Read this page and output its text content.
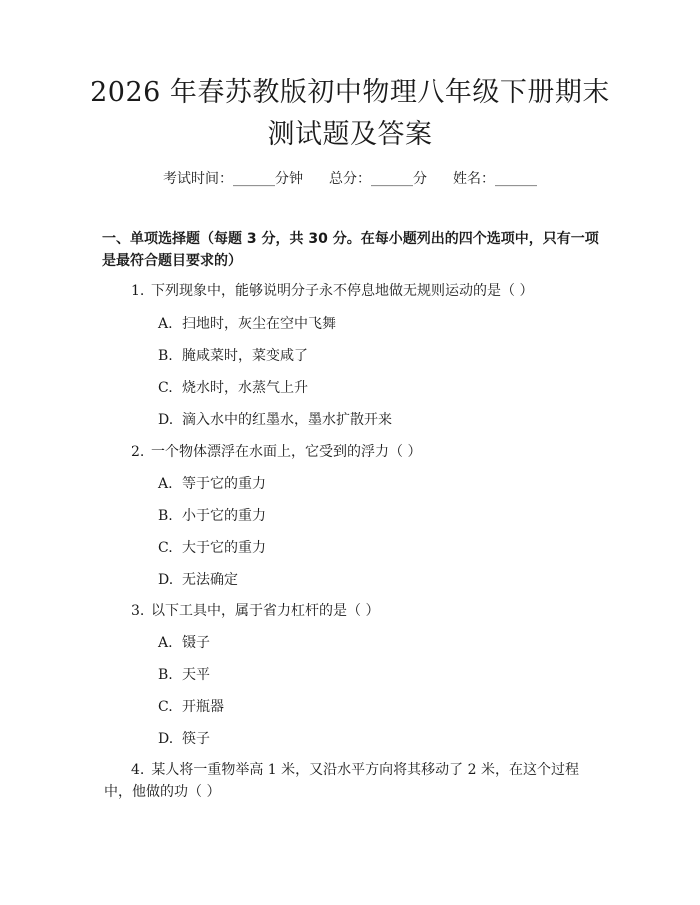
2026 年春苏教版初中物理八年级下册期末测试题及答案
考试时间：______分钟 总分：______分 姓名：______
一、单项选择题（每题 3 分，共 30 分。在每小题列出的四个选项中，只有一项是最符合题目要求的）
1. 下列现象中，能够说明分子永不停息地做无规则运动的是（ ）
A. 扫地时，灰尘在空中飞舞
B. 腌咸菜时，菜变咸了
C. 烧水时，水蒸气上升
D. 滴入水中的红墨水，墨水扩散开来
2. 一个物体漂浮在水面上，它受到的浮力（ ）
A. 等于它的重力
B. 小于它的重力
C. 大于它的重力
D. 无法确定
3. 以下工具中，属于省力杠杆的是（ ）
A. 镊子
B. 天平
C. 开瓶器
D. 筷子
4.  某人将一重物举高 1 米，又沿水平方向将其移动了 2 米，在这个过程中，他做的功（ ）
